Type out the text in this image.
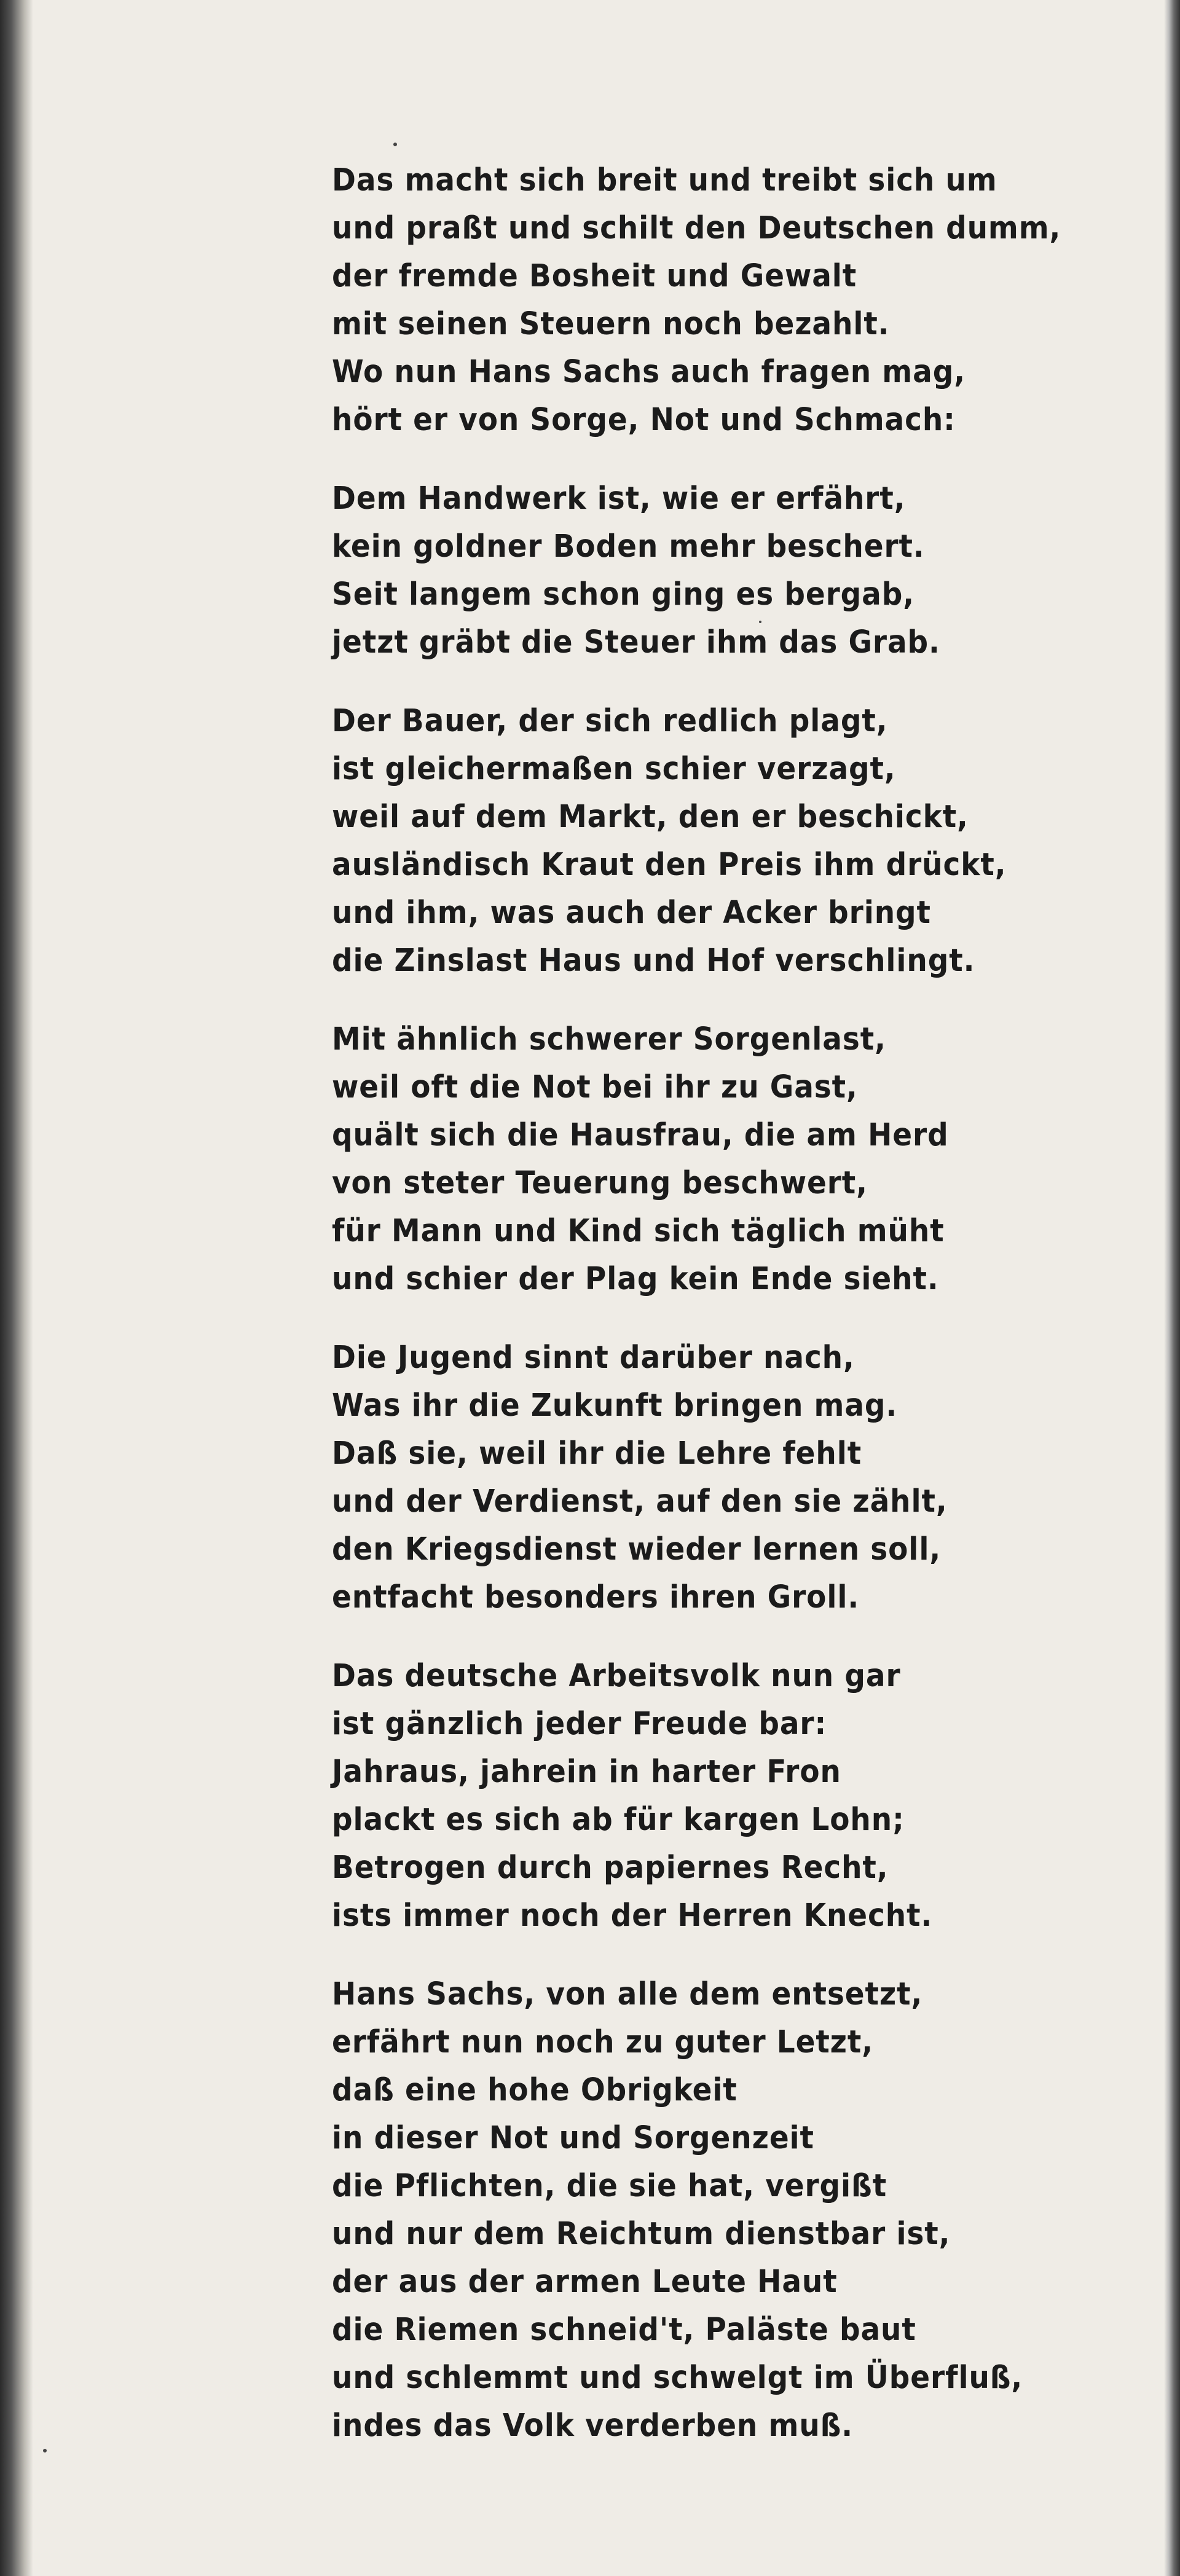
Das macht sich breit und treibt sich um
und praßt und schilt den Deutschen dumm,
der fremde Bosheit und Gewalt
mit seinen Steuern noch bezahlt.
Wo nun Hans Sachs auch fragen mag,
hört er von Sorge, Not und Schmach:
Dem Handwerk ist, wie er erfährt,
kein goldner Boden mehr beschert.
Seit langem schon ging es bergab,
jetzt gräbt die Steuer ihm das Grab.
Der Bauer, der sich redlich plagt,
ist gleichermaßen schier verzagt,
weil auf dem Markt, den er beschickt,
ausländisch Kraut den Preis ihm drückt,
und ihm, was auch der Acker bringt
die Zinslast Haus und Hof verschlingt.
Mit ähnlich schwerer Sorgenlast,
weil oft die Not bei ihr zu Gast,
quält sich die Hausfrau, die am Herd
von steter Teuerung beschwert,
für Mann und Kind sich täglich müht
und schier der Plag kein Ende sieht.
Die Jugend sinnt darüber nach,
Was ihr die Zukunft bringen mag.
Daß sie, weil ihr die Lehre fehlt
und der Verdienst, auf den sie zählt,
den Kriegsdienst wieder lernen soll,
entfacht besonders ihren Groll.
Das deutsche Arbeitsvolk nun gar
ist gänzlich jeder Freude bar:
Jahraus, jahrein in harter Fron
plackt es sich ab für kargen Lohn;
Betrogen durch papiernes Recht,
ists immer noch der Herren Knecht.
Hans Sachs, von alle dem entsetzt,
erfährt nun noch zu guter Letzt,
daß eine hohe Obrigkeit
in dieser Not und Sorgenzeit
die Pflichten, die sie hat, vergißt
und nur dem Reichtum dienstbar ist,
der aus der armen Leute Haut
die Riemen schneid't, Paläste baut
und schlemmt und schwelgt im Überfluß,
indes das Volk verderben muß.
